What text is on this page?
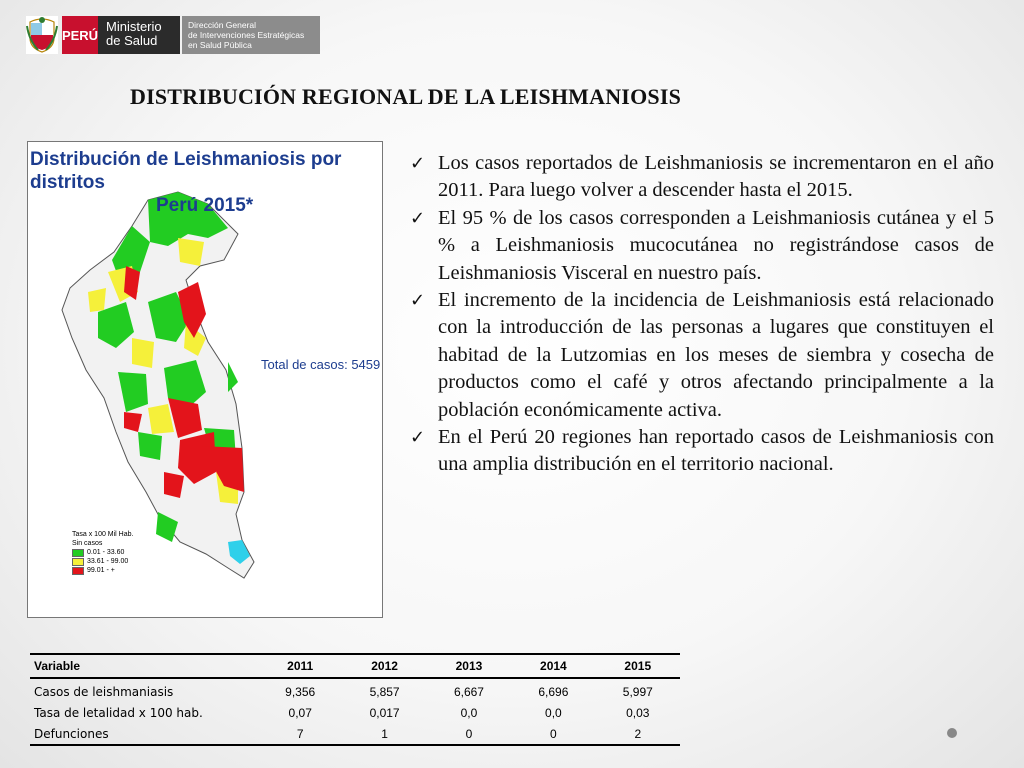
PERÚ
Ministerio
de Salud
Dirección General
de Intervenciones Estratégicas
en Salud Pública
DISTRIBUCIÓN REGIONAL DE LA LEISHMANIOSIS
Distribución de Leishmaniosis por distritos
Perú 2015*
Total de casos: 5459
Tasa x 100 Mil Hab.
Sin casos
0.01 - 33.60
33.61 - 99.00
99.01 - +
✓ Los casos reportados de Leishmaniosis se incrementaron en el año 2011. Para luego volver a descender hasta el 2015.
✓ El 95 % de los casos corresponden a Leishmaniosis cutánea y el 5 % a Leishmaniosis mucocutánea no registrándose casos de Leishmaniosis Visceral en nuestro país.
✓ El incremento de la incidencia de Leishmaniosis está relacionado con la introducción de las personas a lugares que constituyen el habitad de la Lutzomias en los meses de siembra y cosecha de productos como el café y otros afectando principalmente a la población económicamente activa.
✓ En el Perú 20 regiones han reportado casos de Leishmaniosis con una amplia distribución en el territorio nacional.
Variable	2011	2012	2013	2014	2015
Casos de leishmaniasis	9,356	5,857	6,667	6,696	5,997
Tasa de letalidad x 100 hab.	0,07	0,017	0,0	0,0	0,03
Defunciones	7	1	0	0	2
